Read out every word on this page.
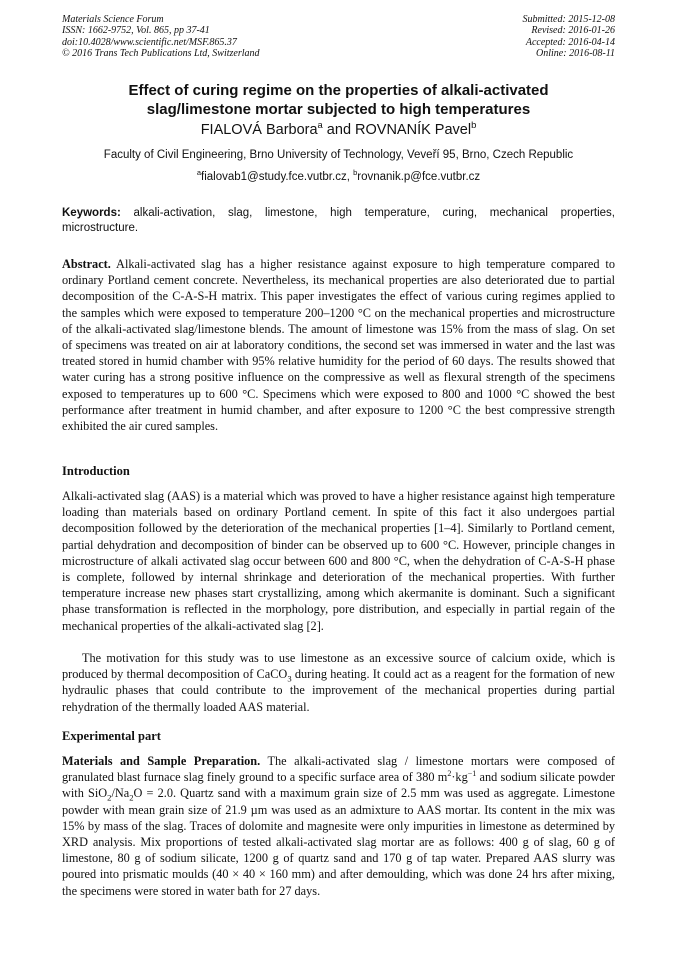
Materials Science Forum
ISSN: 1662-9752, Vol. 865, pp 37-41
doi:10.4028/www.scientific.net/MSF.865.37
© 2016 Trans Tech Publications Ltd, Switzerland
Submitted: 2015-12-08
Revised: 2016-01-26
Accepted: 2016-04-14
Online: 2016-08-11
Effect of curing regime on the properties of alkali-activated
slag/limestone mortar subjected to high temperatures
FIALOVÁ Barbora$^a$ and ROVNANÍK Pavel$^b$
Faculty of Civil Engineering, Brno University of Technology, Veveří 95, Brno, Czech Republic
$^a$fialovab1@study.fce.vutbr.cz, $^b$rovnanik.p@fce.vutbr.cz
Keywords: alkali-activation, slag, limestone, high temperature, curing, mechanical properties, microstructure.

Abstract. Alkali-activated slag has a higher resistance against exposure to high temperature compared to ordinary Portland cement concrete. Nevertheless, its mechanical properties are also deteriorated due to partial decomposition of the C-A-S-H matrix. This paper investigates the effect of various curing regimes applied to the samples which were exposed to temperature 200–1200 °C on the mechanical properties and microstructure of the alkali-activated slag/limestone blends. The amount of limestone was 15% from the mass of slag. On set of specimens was treated on air at laboratory conditions, the second set was immersed in water and the last was treated stored in humid chamber with 95% relative humidity for the period of 60 days. The results showed that water curing has a strong positive influence on the compressive as well as flexural strength of the specimens exposed to temperatures up to 600 °C. Specimens which were exposed to 800 and 1000 °C showed the best performance after treatment in humid chamber, and after exposure to 1200 °C the best compressive strength exhibited the air cured samples.

Introduction

Alkali-activated slag (AAS) is a material which was proved to have a higher resistance against high temperature loading than materials based on ordinary Portland cement. In spite of this fact it also undergoes partial decomposition followed by the deterioration of the mechanical properties [1–4]. Similarly to Portland cement, partial dehydration and decomposition of binder can be observed up to 600 °C. However, principle changes in microstructure of alkali activated slag occur between 600 and 800 °C, when the dehydration of C-A-S-H phase is complete, followed by internal shrinkage and deterioration of the mechanical properties. With further temperature increase new phases start crystallizing, among which akermanite is dominant. Such a significant phase transformation is reflected in the morphology, pore distribution, and especially in partial regain of the mechanical properties of the alkali-activated slag [2].

The motivation for this study was to use limestone as an excessive source of calcium oxide, which is produced by thermal decomposition of CaCO$_3$ during heating. It could act as a reagent for the formation of new hydraulic phases that could contribute to the improvement of the mechanical properties during partial rehydration of the thermally loaded AAS material.

Experimental part

Materials and Sample Preparation. The alkali-activated slag / limestone mortars were composed of granulated blast furnace slag finely ground to a specific surface area of 380 $m^2\cdot kg^{-1}$ and sodium silicate powder with $SiO_2/Na_2O = 2.0$. Quartz sand with a maximum grain size of 2.5 mm was used as aggregate. Limestone powder with mean grain size of 21.9 µm was used as an admixture to AAS mortar. Its content in the mix was 15% by mass of the slag. Traces of dolomite and magnesite were only impurities in limestone as determined by XRD analysis. Mix proportions of tested alkali-activated slag mortar are as follows: 400 g of slag, 60 g of limestone, 80 g of sodium silicate, 1200 g of quartz sand and 170 g of tap water. Prepared AAS slurry was poured into prismatic moulds (40 × 40 × 160 mm) and after demoulding, which was done 24 hrs after mixing, the specimens were stored in water bath for 27 days.
